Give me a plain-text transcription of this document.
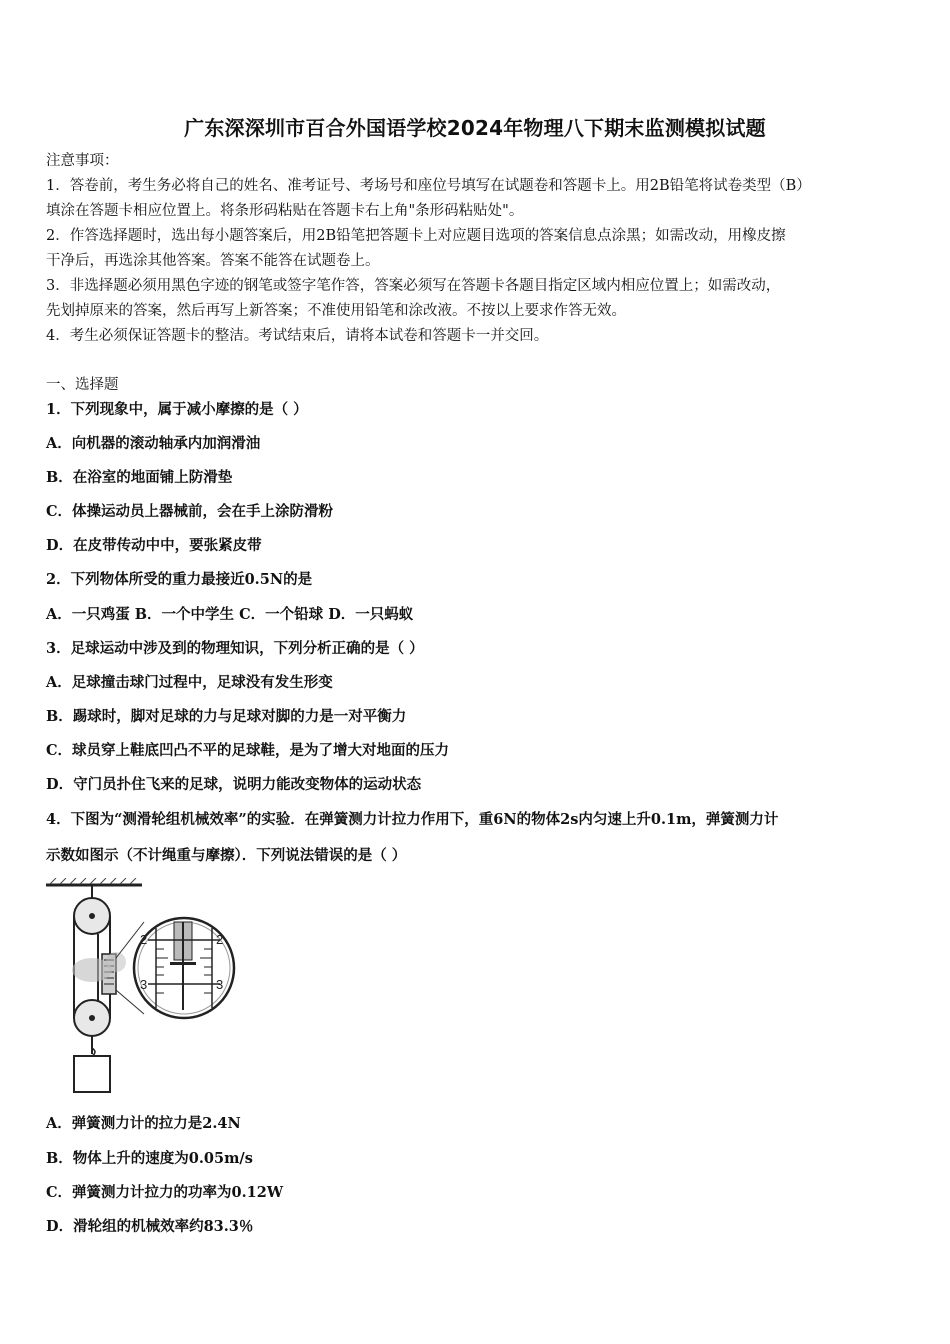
广东深深圳市百合外国语学校2024年物理八下期末监测模拟试题
注意事项：
1．答卷前，考生务必将自己的姓名、准考证号、考场号和座位号填写在试题卷和答题卡上。用2B铅笔将试卷类型（B）
填涂在答题卡相应位置上。将条形码粘贴在答题卡右上角"条形码粘贴处"。
2．作答选择题时，选出每小题答案后，用2B铅笔把答题卡上对应题目选项的答案信息点涂黑；如需改动，用橡皮擦
干净后，再选涂其他答案。答案不能答在试题卷上。
3．非选择题必须用黑色字迹的钢笔或签字笔作答，答案必须写在答题卡各题目指定区域内相应位置上；如需改动，
先划掉原来的答案，然后再写上新答案；不准使用铅笔和涂改液。不按以上要求作答无效。
4．考生必须保证答题卡的整洁。考试结束后，请将本试卷和答题卡一并交回。
一、选择题
1．下列现象中，属于减小摩擦的是（ ）
A．向机器的滚动轴承内加润滑油
B．在浴室的地面铺上防滑垫
C．体操运动员上器械前，会在手上涂防滑粉
D．在皮带传动中中，要张紧皮带
2．下列物体所受的重力最接近0.5N的是
A．一只鸡蛋 B．一个中学生 C．一个铅球 D．一只蚂蚁
3．足球运动中涉及到的物理知识，下列分析正确的是（ ）
A．足球撞击球门过程中，足球没有发生形变
B．踢球时，脚对足球的力与足球对脚的力是一对平衡力
C．球员穿上鞋底凹凸不平的足球鞋，是为了增大对地面的压力
D．守门员扑住飞来的足球，说明力能改变物体的运动状态
4．下图为“测滑轮组机械效率”的实验．在弹簧测力计拉力作用下，重6N的物体2s内匀速上升0.1m，弹簧测力计
示数如图示（不计绳重与摩擦）．下列说法错误的是（ ）
2	2
3	3
A．弹簧测力计的拉力是2.4N
B．物体上升的速度为0.05m/s
C．弹簧测力计拉力的功率为0.12W
D．滑轮组的机械效率约83.3％
